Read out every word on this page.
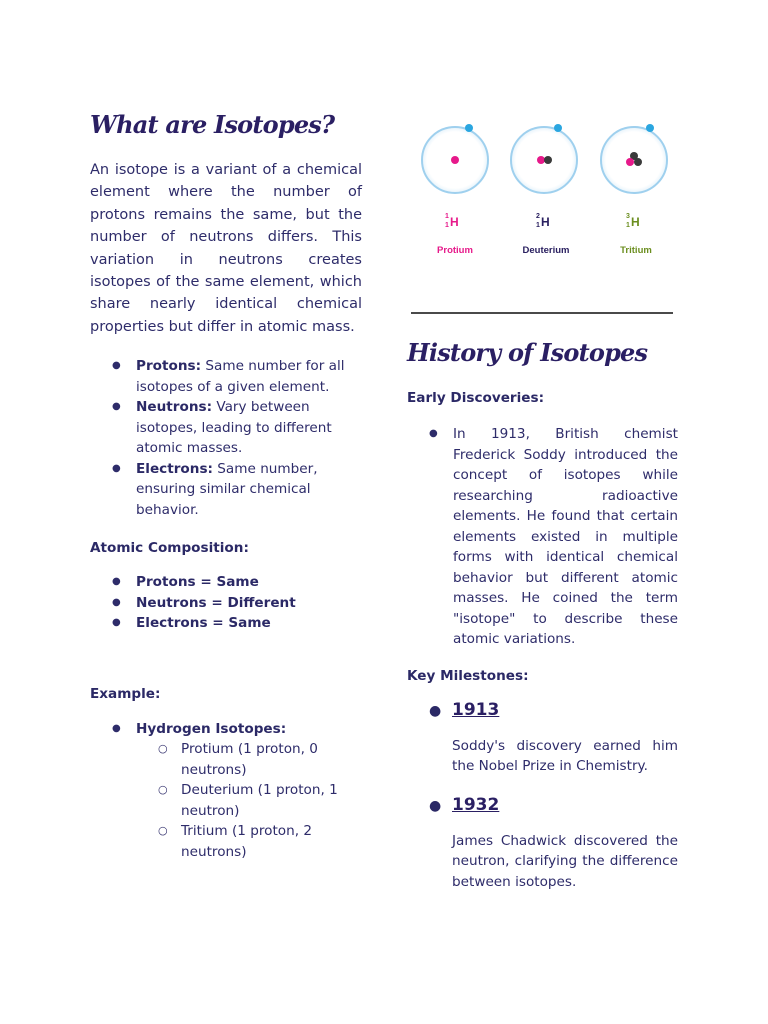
What are Isotopes?

An isotope is a variant of a chemical element where the number of protons remains the same, but the number of neutrons differs. This variation in neutrons creates isotopes of the same element, which share nearly identical chemical properties but differ in atomic mass.

● Protons: Same number for all isotopes of a given element.
● Neutrons: Vary between isotopes, leading to different atomic masses.
● Electrons: Same number, ensuring similar chemical behavior.

Atomic Composition:

● Protons = Same
● Neutrons = Different
● Electrons = Same

Example:

● Hydrogen Isotopes:
○ Protium (1 proton, 0 neutrons)
○ Deuterium (1 proton, 1 neutron)
○ Tritium (1 proton, 2 neutrons)
1
1 H
Protium
2
1 H
Deuterium
3
1 H
Tritium
History of Isotopes

Early Discoveries:

● In 1913, British chemist Frederick Soddy introduced the concept of isotopes while researching radioactive elements. He found that certain elements existed in multiple forms with identical chemical behavior but different atomic masses. He coined the term "isotope" to describe these atomic variations.

Key Milestones:

● 1913

Soddy's discovery earned him the Nobel Prize in Chemistry.

● 1932

James Chadwick discovered the neutron, clarifying the difference between isotopes.
